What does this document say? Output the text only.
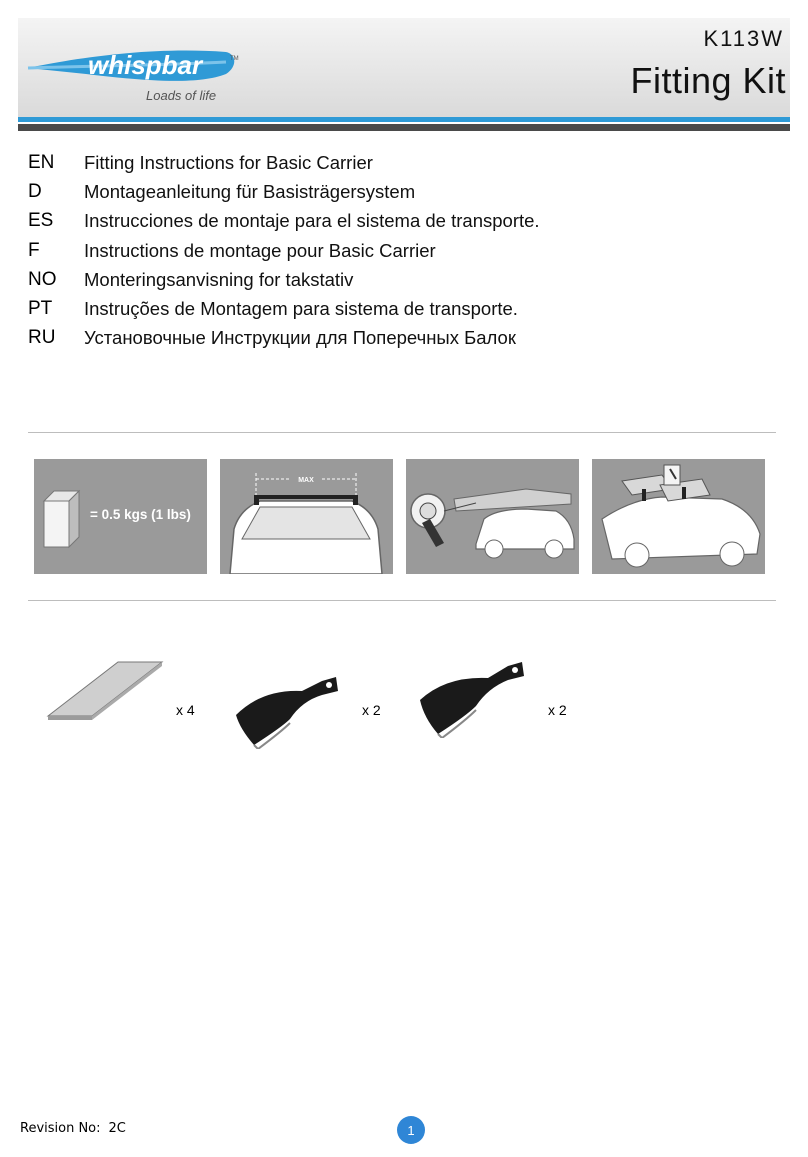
whispbar	TM
Loads of life
K113W
Fitting Kit
EN	Fitting Instructions for Basic Carrier
D	Montageanleitung für Basisträgersystem
ES	Instrucciones de montaje para el sistema de transporte.
F	Instructions de montage pour Basic Carrier
NO	Monteringsanvisning for takstativ
PT	Instruções de Montagem para sistema de transporte.
RU	Установочные Инструкции для Поперечных Балок
= 0.5 kgs (1 lbs)
MAX
x 4	x 2	x 2
Revision No: 2C	1
